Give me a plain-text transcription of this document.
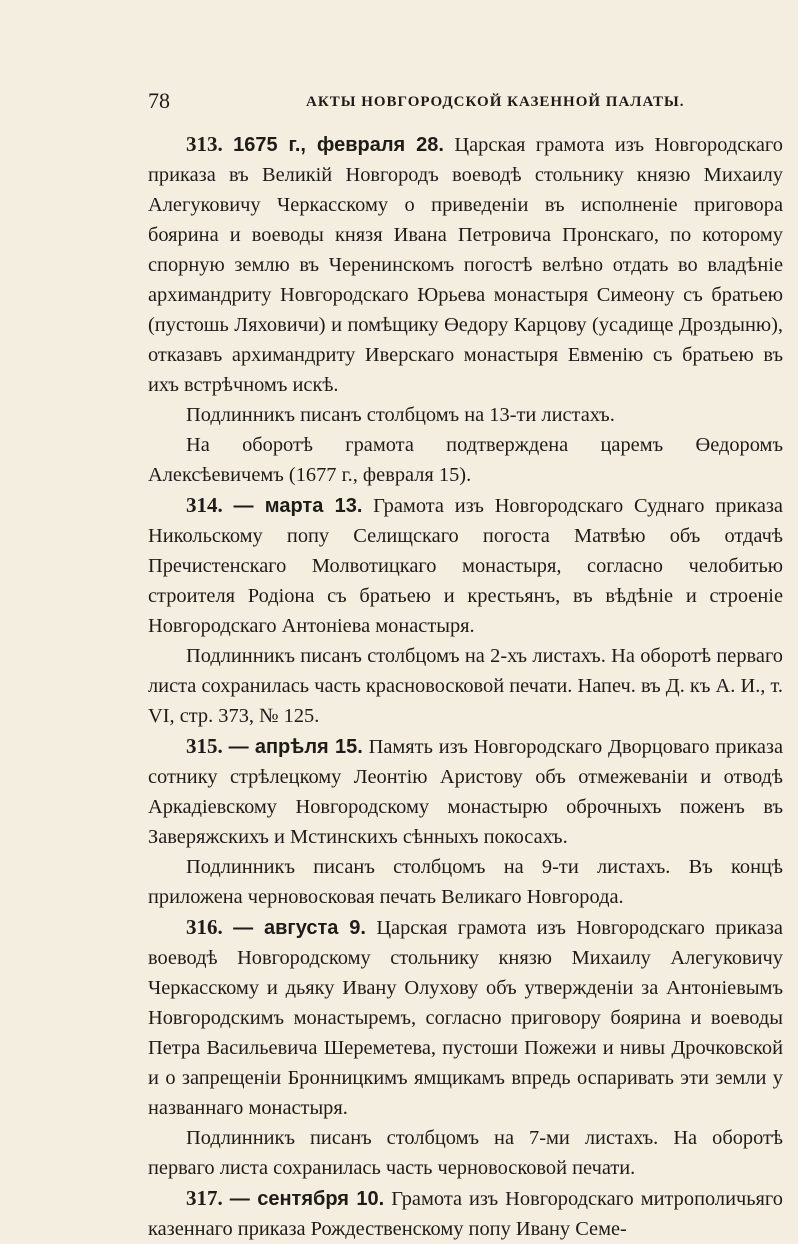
78	АКТЫ НОВГОРОДСКОЙ КАЗЕННОЙ ПАЛАТЫ.

313. 1675 г., февраля 28. Царская грамота изъ Новгородскаго приказа въ Великій Новгородъ воеводѣ стольнику князю Михаилу Алегуковичу Черкасскому о приведеніи въ исполненіе приговора боярина и воеводы князя Ивана Петровича Пронскаго, по которому спорную землю въ Черенинскомъ погостѣ велѣно отдать во владѣніе архимандриту Новгородскаго Юрьева монастыря Симеону съ братьею (пустошь Ляховичи) и помѣщику Өедору Карцову (усадище Дроздыню), отказавъ архимандриту Иверскаго монастыря Евменію съ братьею въ ихъ встрѣчномъ искѣ.

Подлинникъ писанъ столбцомъ на 13-ти листахъ.

На оборотѣ грамота подтверждена царемъ Өедоромъ Алексѣевичемъ (1677 г., февраля 15).

314. — марта 13. Грамота изъ Новгородскаго Суднаго приказа Никольскому попу Селищскаго погоста Матвѣю объ отдачѣ Пречистенскаго Молвотицкаго монастыря, согласно челобитью строителя Родіона съ братьею и крестьянъ, въ вѣдѣніе и строеніе Новгородскаго Антоніева монастыря.

Подлинникъ писанъ столбцомъ на 2-хъ листахъ. На оборотѣ перваго листа сохранилась часть красновосковой печати. Напеч. въ Д. къ А. И., т. VI, стр. 373, № 125.

315. — апрѣля 15. Память изъ Новгородскаго Дворцоваго приказа сотнику стрѣлецкому Леонтію Аристову объ отмежеваніи и отводѣ Аркадіевскому Новгородскому монастырю оброчныхъ поженъ въ Заверяжскихъ и Мстинскихъ сѣнныхъ покосахъ.

Подлинникъ писанъ столбцомъ на 9-ти листахъ. Въ концѣ приложена черновосковая печать Великаго Новгорода.

316. — августа 9. Царская грамота изъ Новгородскаго приказа воеводѣ Новгородскому стольнику князю Михаилу Алегуковичу Черкасскому и дьяку Ивану Олухову объ утвержденіи за Антоніевымъ Новгородскимъ монастыремъ, согласно приговору боярина и воеводы Петра Васильевича Шереметева, пустоши Пожежи и нивы Дрочковской и о запрещеніи Бронницкимъ ямщикамъ впредь оспаривать эти земли у названнаго монастыря.

Подлинникъ писанъ столбцомъ на 7-ми листахъ. На оборотѣ перваго листа сохранилась часть черновосковой печати.

317. — сентября 10. Грамота изъ Новгородскаго митрополичьяго казеннаго приказа Рождественскому попу Ивану Семе-
